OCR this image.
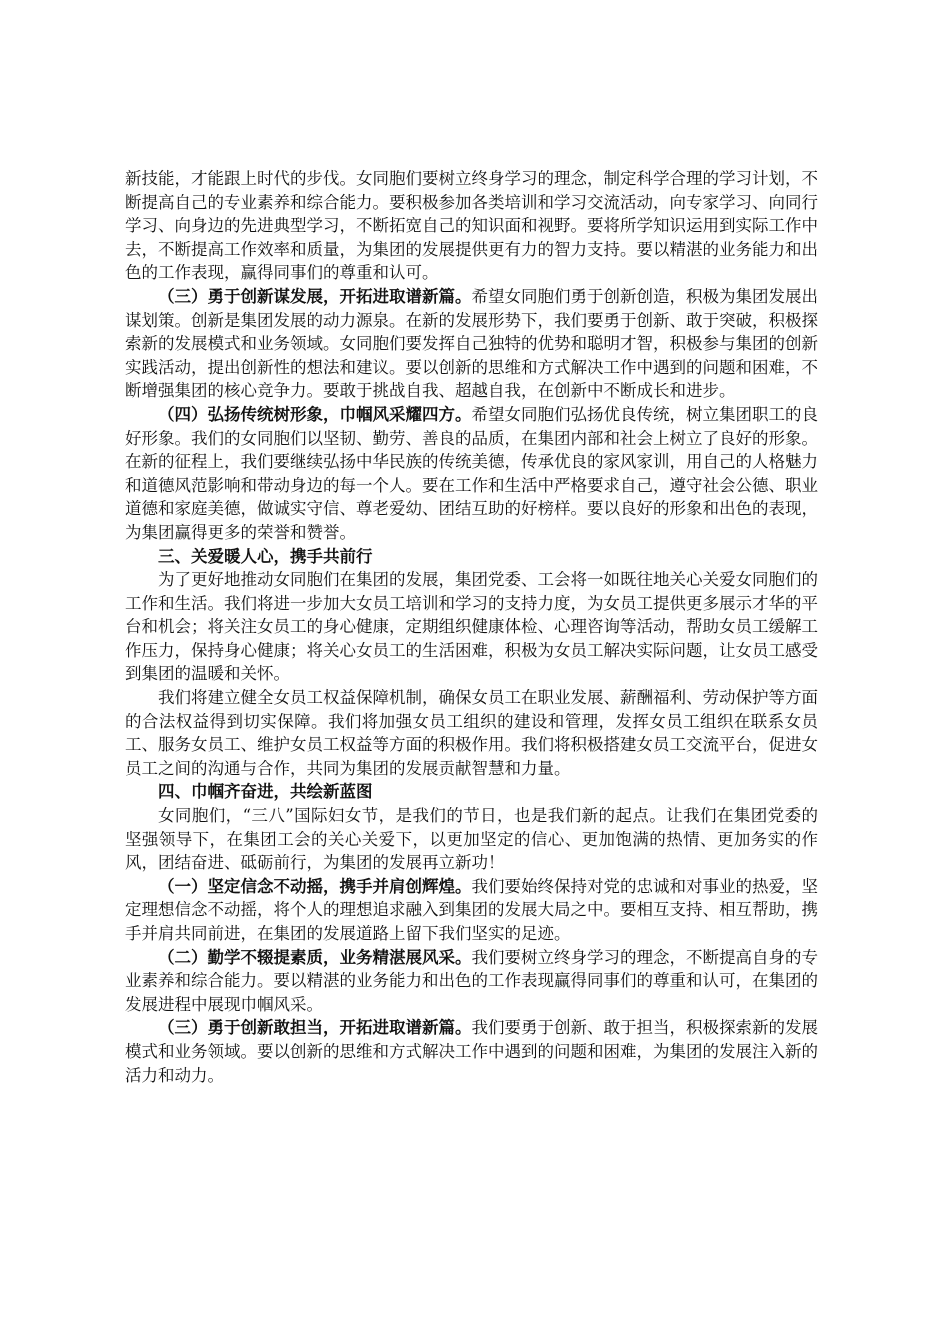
新技能，才能跟上时代的步伐。女同胞们要树立终身学习的理念，制定科学合理的学习计划，不断提高自己的专业素养和综合能力。要积极参加各类培训和学习交流活动，向专家学习、向同行学习、向身边的先进典型学习，不断拓宽自己的知识面和视野。要将所学知识运用到实际工作中去，不断提高工作效率和质量，为集团的发展提供更有力的智力支持。要以精湛的业务能力和出色的工作表现，赢得同事们的尊重和认可。

（三）勇于创新谋发展，开拓进取谱新篇。希望女同胞们勇于创新创造，积极为集团发展出谋划策。创新是集团发展的动力源泉。在新的发展形势下，我们要勇于创新、敢于突破，积极探索新的发展模式和业务领域。女同胞们要发挥自己独特的优势和聪明才智，积极参与集团的创新实践活动，提出创新性的想法和建议。要以创新的思维和方式解决工作中遇到的问题和困难，不断增强集团的核心竞争力。要敢于挑战自我、超越自我，在创新中不断成长和进步。

（四）弘扬传统树形象，巾帼风采耀四方。希望女同胞们弘扬优良传统，树立集团职工的良好形象。我们的女同胞们以坚韧、勤劳、善良的品质，在集团内部和社会上树立了良好的形象。在新的征程上，我们要继续弘扬中华民族的传统美德，传承优良的家风家训，用自己的人格魅力和道德风范影响和带动身边的每一个人。要在工作和生活中严格要求自己，遵守社会公德、职业道德和家庭美德，做诚实守信、尊老爱幼、团结互助的好榜样。要以良好的形象和出色的表现，为集团赢得更多的荣誉和赞誉。

三、关爱暖人心，携手共前行

为了更好地推动女同胞们在集团的发展，集团党委、工会将一如既往地关心关爱女同胞们的工作和生活。我们将进一步加大女员工培训和学习的支持力度，为女员工提供更多展示才华的平台和机会；将关注女员工的身心健康，定期组织健康体检、心理咨询等活动，帮助女员工缓解工作压力，保持身心健康；将关心女员工的生活困难，积极为女员工解决实际问题，让女员工感受到集团的温暖和关怀。

我们将建立健全女员工权益保障机制，确保女员工在职业发展、薪酬福利、劳动保护等方面的合法权益得到切实保障。我们将加强女员工组织的建设和管理，发挥女员工组织在联系女员工、服务女员工、维护女员工权益等方面的积极作用。我们将积极搭建女员工交流平台，促进女员工之间的沟通与合作，共同为集团的发展贡献智慧和力量。

四、巾帼齐奋进，共绘新蓝图

女同胞们，“三八”国际妇女节，是我们的节日，也是我们新的起点。让我们在集团党委的坚强领导下，在集团工会的关心关爱下，以更加坚定的信心、更加饱满的热情、更加务实的作风，团结奋进、砥砺前行，为集团的发展再立新功！

（一）坚定信念不动摇，携手并肩创辉煌。我们要始终保持对党的忠诚和对事业的热爱，坚定理想信念不动摇，将个人的理想追求融入到集团的发展大局之中。要相互支持、相互帮助，携手并肩共同前进，在集团的发展道路上留下我们坚实的足迹。

（二）勤学不辍提素质，业务精湛展风采。我们要树立终身学习的理念，不断提高自身的专业素养和综合能力。要以精湛的业务能力和出色的工作表现赢得同事们的尊重和认可，在集团的发展进程中展现巾帼风采。

（三）勇于创新敢担当，开拓进取谱新篇。我们要勇于创新、敢于担当，积极探索新的发展模式和业务领域。要以创新的思维和方式解决工作中遇到的问题和困难，为集团的发展注入新的活力和动力。
